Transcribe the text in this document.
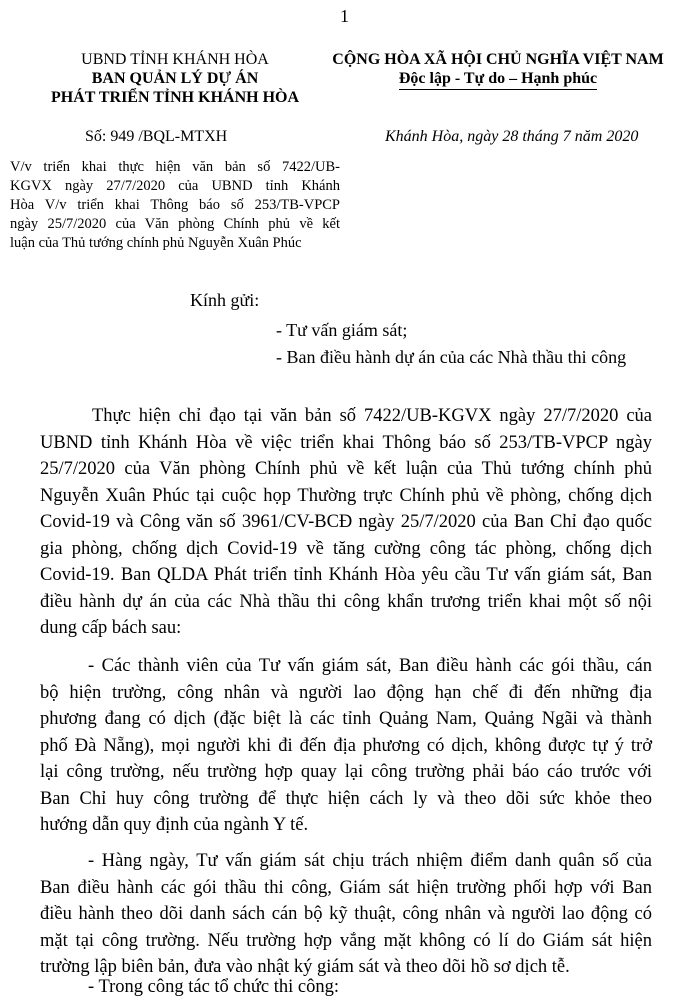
1
UBND TỈNH KHÁNH HÒA
BAN QUẢN LÝ DỰ ÁN
PHÁT TRIỂN TỈNH KHÁNH HÒA
CỘNG HÒA XÃ HỘI CHỦ NGHĨA VIỆT NAM
Độc lập - Tự do – Hạnh phúc
Số: 949 /BQL-MTXH	Khánh Hòa, ngày 28 tháng 7 năm 2020
V/v triển khai thực hiện văn bản số 7422/UB-
KGVX ngày 27/7/2020 của UBND tỉnh Khánh
Hòa V/v triển khai Thông báo số 253/TB-VPCP
ngày 25/7/2020 của Văn phòng Chính phủ về kết
luận của Thủ tướng chính phủ Nguyễn Xuân Phúc
Kính gửi:
- Tư vấn giám sát;
- Ban điều hành dự án của các Nhà thầu thi công
Thực hiện chỉ đạo tại văn bản số 7422/UB-KGVX ngày 27/7/2020 của
UBND tỉnh Khánh Hòa về việc triển khai Thông báo số 253/TB-VPCP ngày
25/7/2020 của Văn phòng Chính phủ về kết luận của Thủ tướng chính phủ
Nguyễn Xuân Phúc tại cuộc họp Thường trực Chính phủ về phòng, chống dịch
Covid-19 và Công văn số 3961/CV-BCĐ ngày 25/7/2020 của Ban Chỉ đạo quốc
gia phòng, chống dịch Covid-19 về tăng cường công tác phòng, chống dịch
Covid-19. Ban QLDA Phát triển tỉnh Khánh Hòa yêu cầu Tư vấn giám sát, Ban
điều hành dự án của các Nhà thầu thi công khẩn trương triển khai một số nội
dung cấp bách sau:
- Các thành viên của Tư vấn giám sát, Ban điều hành các gói thầu, cán
bộ hiện trường, công nhân và người lao động hạn chế đi đến những địa
phương đang có dịch (đặc biệt là các tỉnh Quảng Nam, Quảng Ngãi và thành
phố Đà Nẵng), mọi người khi đi đến địa phương có dịch, không được tự ý trở
lại công trường, nếu trường hợp quay lại công trường phải báo cáo trước với
Ban Chỉ huy công trường để thực hiện cách ly và theo dõi sức khỏe theo
hướng dẫn quy định của ngành Y tế.
- Hàng ngày, Tư vấn giám sát chịu trách nhiệm điểm danh quân số của
Ban điều hành các gói thầu thi công, Giám sát hiện trường phối hợp với Ban
điều hành theo dõi danh sách cán bộ kỹ thuật, công nhân và người lao động có
mặt tại công trường. Nếu trường hợp vắng mặt không có lí do Giám sát hiện
trường lập biên bản, đưa vào nhật ký giám sát và theo dõi hồ sơ dịch tễ.
- Trong công tác tổ chức thi công:
